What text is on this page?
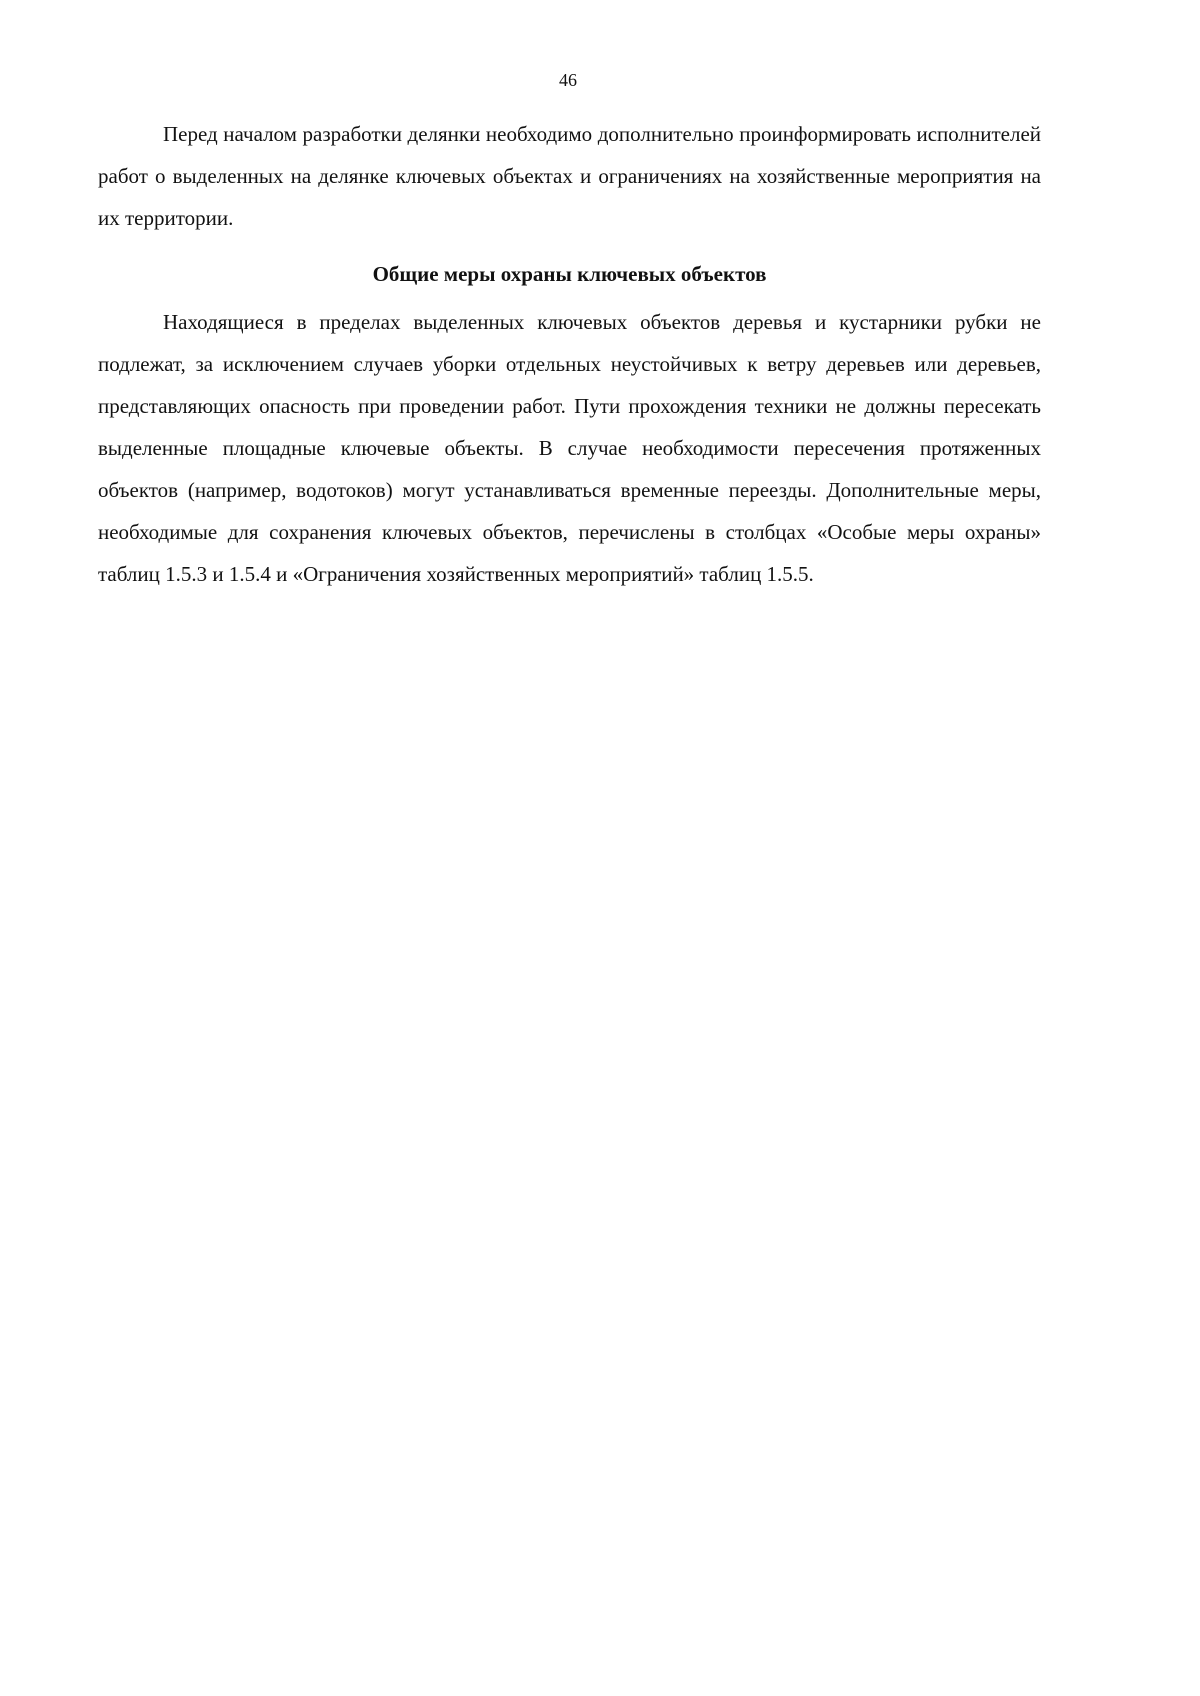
46

Перед началом разработки делянки необходимо дополнительно проинформировать исполнителей работ о выделенных на делянке ключевых объектах и ограничениях на хозяйственные мероприятия на их территории.

Общие меры охраны ключевых объектов

Находящиеся в пределах выделенных ключевых объектов деревья и кустарники рубки не подлежат, за исключением случаев уборки отдельных неустойчивых к ветру деревьев или деревьев, представляющих опасность при проведении работ. Пути прохождения техники не должны пересекать выделенные площадные ключевые объекты. В случае необходимости пересечения протяженных объектов (например, водотоков) могут устанавливаться временные переезды. Дополнительные меры, необходимые для сохранения ключевых объектов, перечислены в столбцах «Особые меры охраны» таблиц 1.5.3 и 1.5.4 и «Ограничения хозяйственных мероприятий» таблиц 1.5.5.
